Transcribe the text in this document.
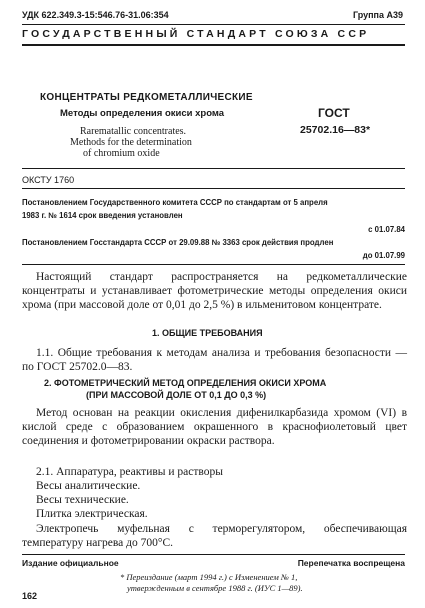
УДК 622.349.3-15:546.76-31.06:354	Группа А39
ГОСУДАРСТВЕННЫЙ СТАНДАРТ СОЮЗА ССР
КОНЦЕНТРАТЫ РЕДКОМЕТАЛЛИЧЕСКИЕ
Методы определения окиси хрома
Rarematallic concentrates.
Methods for the determination
of chromium oxide
ГОСТ
25702.16—83*
ОКСТУ 1760
Постановлением Государственного комитета СССР по стандартам от 5 апреля
1983 г. № 1614 срок введения установлен
с 01.07.84
Постановлением Госстандарта СССР от 29.09.88 № 3363 срок действия продлен
до 01.07.99

Настоящий стандарт распространяется на редкометаллические концентраты и устанавливает фотометрические методы определения окиси хрома (при массовой доле от 0,01 до 2,5 %) в ильменитовом концентрате.

1. ОБЩИЕ ТРЕБОВАНИЯ

1.1. Общие требования к методам анализа и требования безопасности — по ГОСТ 25702.0—83.

2. ФОТОМЕТРИЧЕСКИЙ МЕТОД ОПРЕДЕЛЕНИЯ ОКИСИ ХРОМА
(ПРИ МАССОВОЙ ДОЛЕ ОТ 0,1 ДО 0,3 %)

Метод основан на реакции окисления дифенилкарбазида хромом (VI) в кислой среде с образованием окрашенного в краснофиолетовый цвет соединения и фотометрировании окраски раствора.

2.1. Аппаратура, реактивы и растворы
Весы аналитические.
Весы технические.
Плитка электрическая.

Электропечь муфельная с терморегулятором, обеспечивающая температуру нагрева до 700°С.

Издание официальное	Перепечатка воспрещена
* Переиздание (март 1994 г.) с Изменением № 1,
утвержденным в сентябре 1988 г. (ИУС 1—89).
162
